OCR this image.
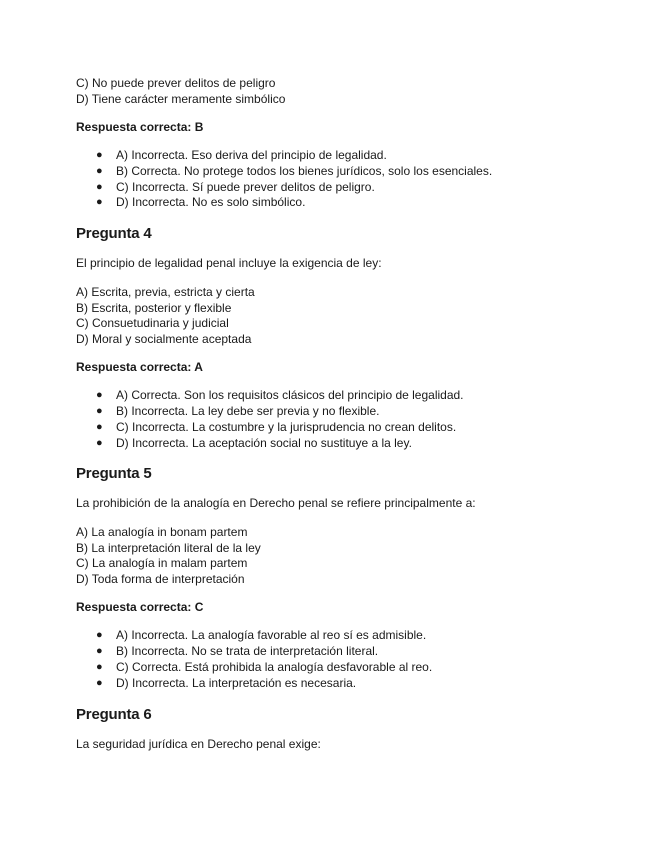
C) No puede prever delitos de peligro

D) Tiene carácter meramente simbólico

Respuesta correcta: B

● A) Incorrecta. Eso deriva del principio de legalidad.
● B) Correcta. No protege todos los bienes jurídicos, solo los esenciales.
● C) Incorrecta. Sí puede prever delitos de peligro.
● D) Incorrecta. No es solo simbólico.
Pregunta 4

El principio de legalidad penal incluye la exigencia de ley:

A) Escrita, previa, estricta y cierta

B) Escrita, posterior y flexible

C) Consuetudinaria y judicial

D) Moral y socialmente aceptada

Respuesta correcta: A

● A) Correcta. Son los requisitos clásicos del principio de legalidad.
● B) Incorrecta. La ley debe ser previa y no flexible.
● C) Incorrecta. La costumbre y la jurisprudencia no crean delitos.
● D) Incorrecta. La aceptación social no sustituye a la ley.
Pregunta 5

La prohibición de la analogía en Derecho penal se refiere principalmente a:

A) La analogía in bonam partem

B) La interpretación literal de la ley

C) La analogía in malam partem

D) Toda forma de interpretación

Respuesta correcta: C

● A) Incorrecta. La analogía favorable al reo sí es admisible.
● B) Incorrecta. No se trata de interpretación literal.
● C) Correcta. Está prohibida la analogía desfavorable al reo.
● D) Incorrecta. La interpretación es necesaria.
Pregunta 6

La seguridad jurídica en Derecho penal exige:
